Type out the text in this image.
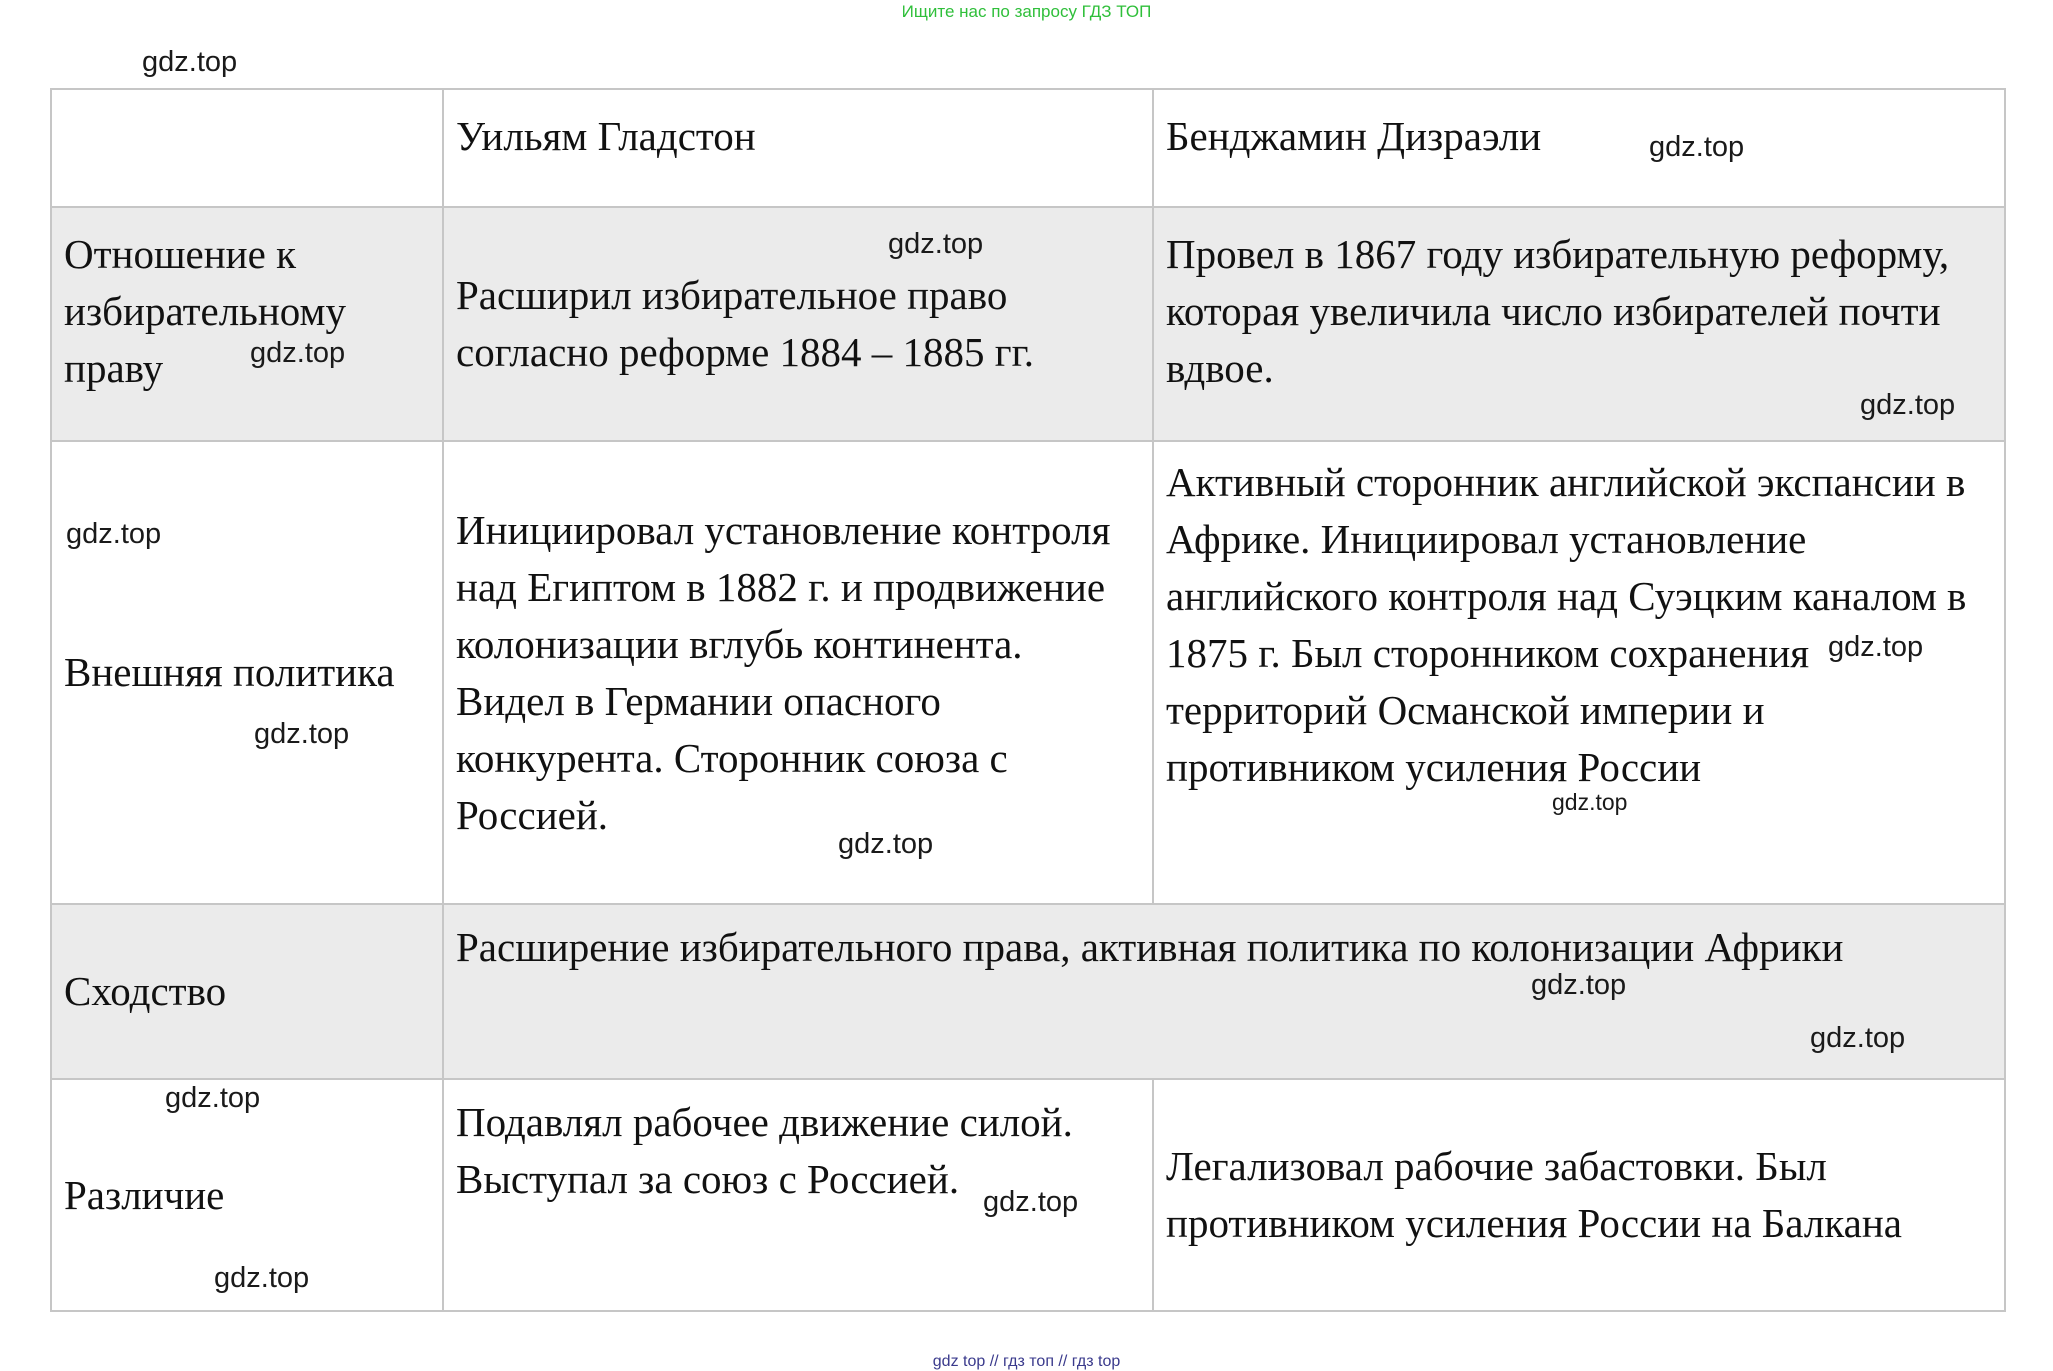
Ищите нас по запросу ГДЗ ТОП
Уильям Гладстон	Бенджамин Дизраэли
Отношение к избирательному праву
Расширил избирательное право согласно реформе 1884 – 1885 гг.
Провел в 1867 году избирательную реформу, которая увеличила число избирателей почти вдвое.
Внешняя политика
Инициировал установление контроля над Египтом в 1882 г. и продвижение колонизации вглубь континента. Видел в Германии опасного конкурента. Сторонник союза с Россией.
Активный сторонник английской экспансии в Африке. Инициировал установление английского контроля над Суэцким каналом в 1875 г. Был сторонником сохранения территорий Османской империи и противником усиления России
Сходство
Расширение избирательного права, активная политика по колонизации Африки
Различие
Подавлял рабочее движение силой. Выступал за союз с Россией.	Легализовал рабочие забастовки. Был противником усиления России на Балкана
gdz.top
gdz.top
gdz.top
gdz.top
gdz.top
gdz.top
gdz.top
gdz.top
gdz.top
gdz.top
gdz.top
gdz.top
gdz.top
gdz.top
gdz.top
gdz top // гдз топ // гдз top
